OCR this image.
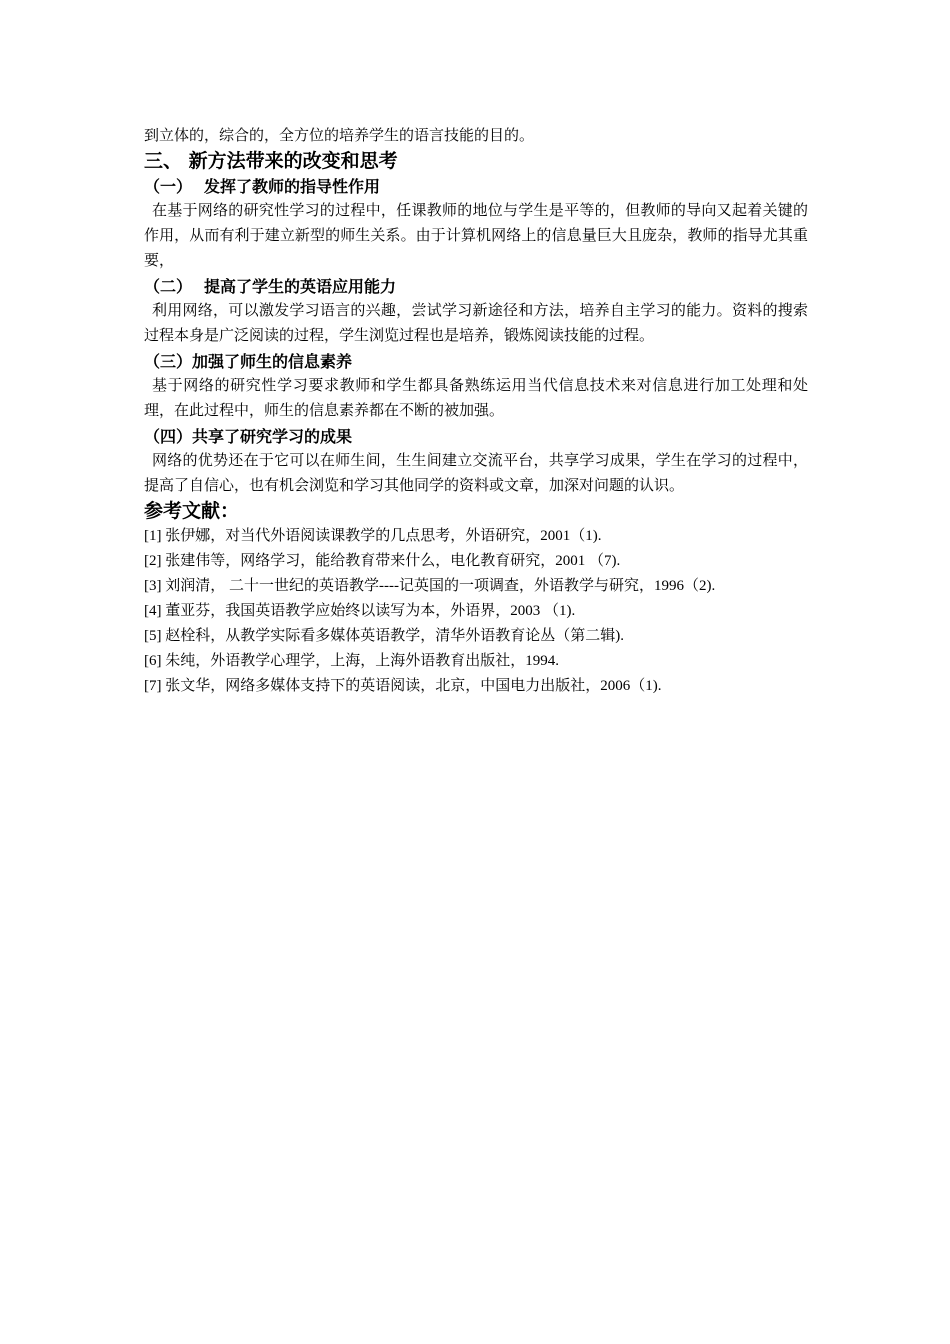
到立体的，综合的，全方位的培养学生的语言技能的目的。
三、 新方法带来的改变和思考
（一） 发挥了教师的指导性作用

在基于网络的研究性学习的过程中，任课教师的地位与学生是平等的，但教师的导向又起着关键的作用，从而有利于建立新型的师生关系。由于计算机网络上的信息量巨大且庞杂，教师的指导尤其重要，

（二） 提高了学生的英语应用能力

利用网络，可以激发学习语言的兴趣，尝试学习新途径和方法，培养自主学习的能力。资料的搜索过程本身是广泛阅读的过程，学生浏览过程也是培养，锻炼阅读技能的过程。

（三）加强了师生的信息素养

基于网络的研究性学习要求教师和学生都具备熟练运用当代信息技术来对信息进行加工处理和处理，在此过程中，师生的信息素养都在不断的被加强。

（四）共享了研究学习的成果

网络的优势还在于它可以在师生间，生生间建立交流平台，共享学习成果，学生在学习的过程中，提高了自信心，也有机会浏览和学习其他同学的资料或文章，加深对问题的认识。

参考文献：
[1] 张伊娜，对当代外语阅读课教学的几点思考，外语研究，2001（1).
[2] 张建伟等，网络学习，能给教育带来什么，电化教育研究，2001 （7).
[3] 刘润清， 二十一世纪的英语教学----记英国的一项调查，外语教学与研究，1996（2).
[4] 董亚芬，我国英语教学应始终以读写为本，外语界，2003 （1).
[5] 赵栓科，从教学实际看多媒体英语教学，清华外语教育论丛（第二辑).
[6] 朱纯，外语教学心理学，上海，上海外语教育出版社，1994.
[7] 张文华，网络多媒体支持下的英语阅读，北京，中国电力出版社，2006（1).
